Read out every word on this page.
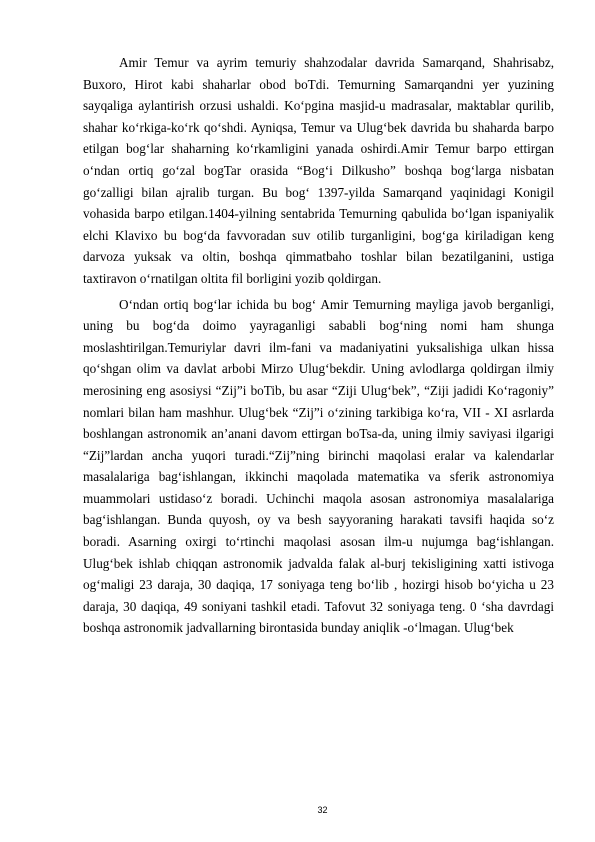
Amir Temur va ayrim temuriy shahzodalar davrida Samarqand, Shahrisabz, Buxoro, Hirot kabi shaharlar obod boTdi. Temurning Samarqandni yer yuzining sayqaliga aylantirish orzusi ushaldi. Ko‘pgina masjid-u madrasalar, maktablar qurilib, shahar ko‘rkiga-ko‘rk qo‘shdi. Ayniqsa, Temur va Ulug‘bek davrida bu shaharda barpo etilgan bog‘lar shaharning ko‘rkamligini yanada oshirdi.Amir Temur barpo ettirgan o‘ndan ortiq go‘zal bogTar orasida “Bog‘i Dilkusho” boshqa bog‘larga nisbatan go‘zalligi bilan ajralib turgan. Bu bog‘ 1397-yilda Samarqand yaqinidagi Konigil vohasida barpo etilgan.1404-yilning sentabrida Temurning qabulida bo‘lgan ispaniyalik elchi Klavixo bu bog‘da favvoradan suv otilib turganligini, bog‘ga kiriladigan keng darvoza yuksak va oltin, boshqa qimmatbaho toshlar bilan bezatilganini, ustiga taxtiravon o‘rnatilgan oltita fil borligini yozib qoldirgan.

O‘ndan ortiq bog‘lar ichida bu bog‘ Amir Temurning mayliga javob berganligi, uning bu bog‘da doimo yayraganligi sababli bog‘ning nomi ham shunga moslashtirilgan.Temuriylar davri ilm-fani va madaniyatini yuksalishiga ulkan hissa qo‘shgan olim va davlat arbobi Mirzo Ulug‘bekdir. Uning avlodlarga qoldirgan ilmiy merosining eng asosiysi “Zij”i boTib, bu asar “Ziji Ulug‘bek”, “Ziji jadidi Ko‘ragoniy” nomlari bilan ham mashhur. Ulug‘bek “Zij”i o‘zining tarkibiga ko‘ra, VII - XI asrlarda boshlangan astronomik an’anani davom ettirgan boTsa-da, uning ilmiy saviyasi ilgarigi “Zij”lardan ancha yuqori turadi.“Zij”ning birinchi maqolasi eralar va kalendarlar masalalariga bag‘ishlangan, ikkinchi maqolada matematika va sferik astronomiya muammolari ustidaso‘z boradi. Uchinchi maqola asosan astronomiya masalalariga bag‘ishlangan. Bunda quyosh, oy va besh sayyoraning harakati tavsifi haqida so‘z boradi. Asarning oxirgi to‘rtinchi maqolasi asosan ilm-u nujumga bag‘ishlangan. Ulug‘bek ishlab chiqqan astronomik jadvalda falak al-burj tekisligining xatti istivoga og‘maligi 23 daraja, 30 daqiqa, 17 soniyaga teng bo‘lib , hozirgi hisob bo‘yicha u 23 daraja, 30 daqiqa, 49 soniyani tashkil etadi. Tafovut 32 soniyaga teng. 0 ‘sha davrdagi boshqa astronomik jadvallarning birontasida bunday aniqlik -o‘lmagan. Ulug‘bek

32
